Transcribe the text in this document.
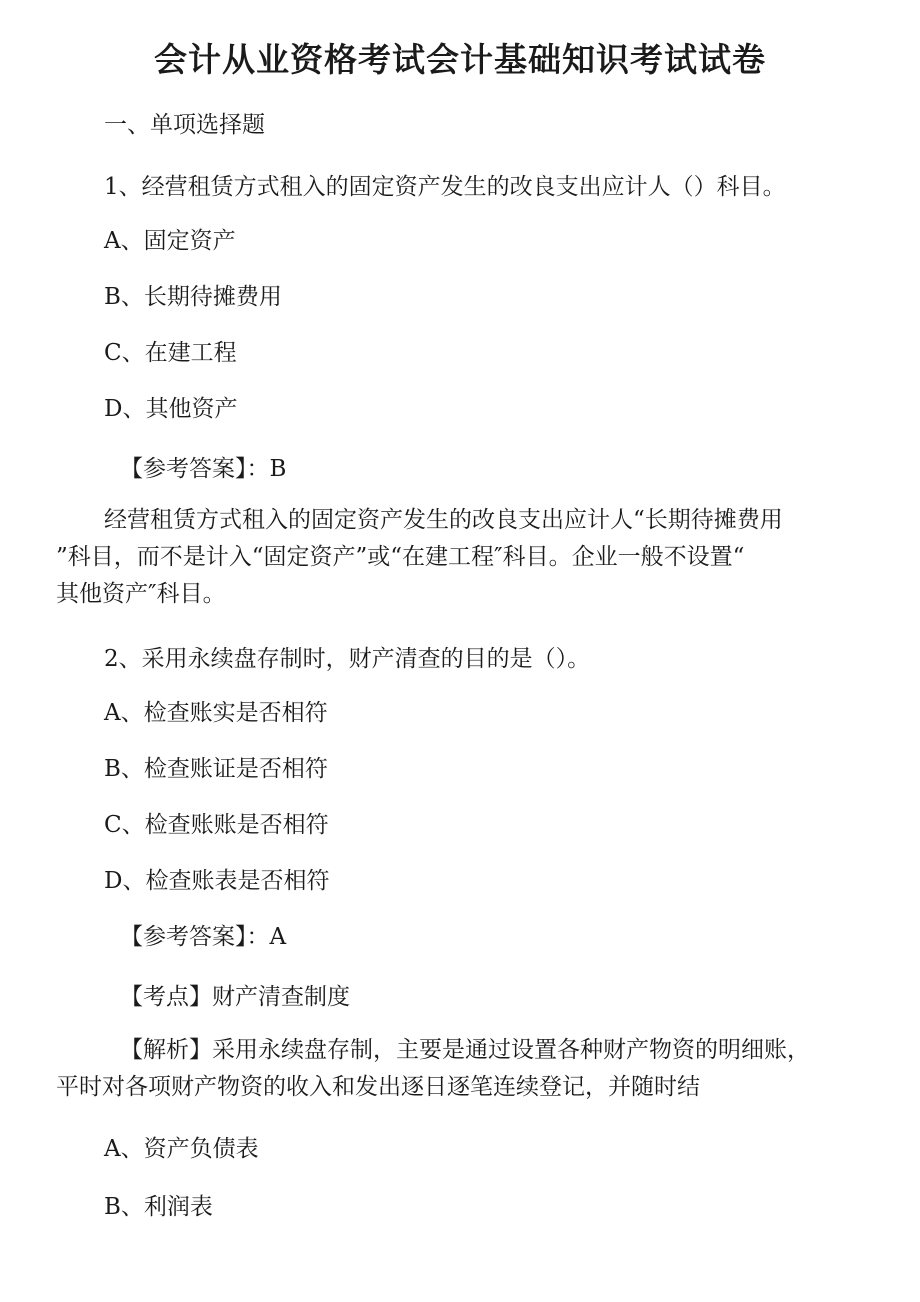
会计从业资格考试会计基础知识考试试卷
一、单项选择题
1、经营租赁方式租入的固定资产发生的改良支出应计人（）科目。
A、固定资产
B、长期待摊费用
C、在建工程
D、其他资产
【参考答案】：B

经营租赁方式租入的固定资产发生的改良支出应计人“长期待摊费用

”科目，而不是计入“固定资产”或“在建工程″科目。企业一般不设置“

其他资产″科目。

2、采用永续盘存制时，财产清查的目的是（）。
A、检查账实是否相符
B、检查账证是否相符
C、检查账账是否相符
D、检查账表是否相符
【参考答案】：A
【考点】财产清查制度

【解析】采用永续盘存制，主要是通过设置各种财产物资的明细账，

平时对各项财产物资的收入和发出逐日逐笔连续登记，并随时结

A、资产负债表
B、利润表
